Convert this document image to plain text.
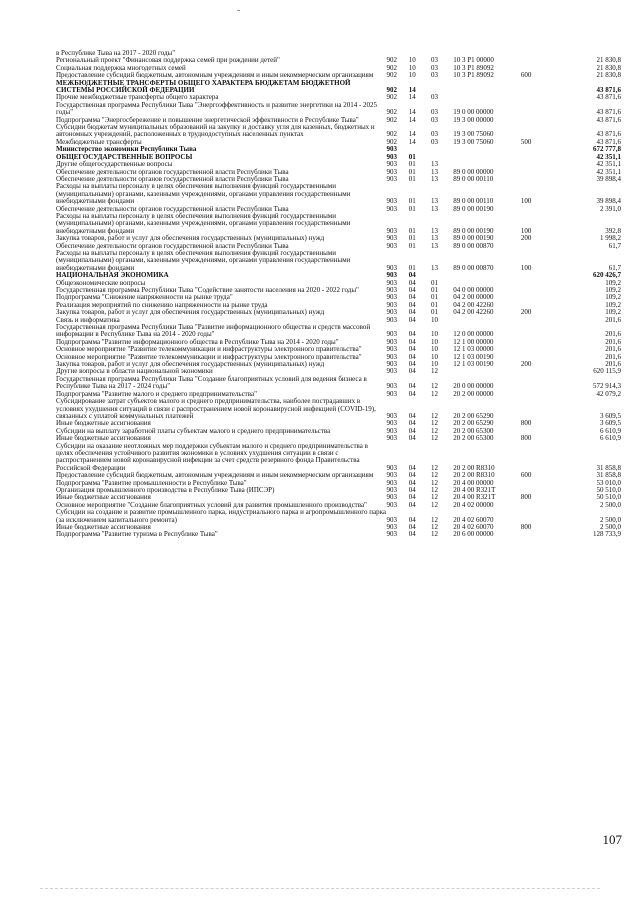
в Республике Тыва на 2017 - 2020 годы"						
Региональный проект "Финансовая поддержка семей при рождении детей"	902	10	03	10 3 P1 00000		21 830,8
Социальная поддержка многодетных семей	902	10	03	10 3 P1 89092		21 830,8
Предоставление субсидий бюджетным, автономным учреждениям и иным некоммерческим организациям	902	10	03	10 3 P1 89092	600	21 830,8
МЕЖБЮДЖЕТНЫЕ ТРАНСФЕРТЫ ОБЩЕГО ХАРАКТЕРА БЮДЖЕТАМ БЮДЖЕТНОЙ СИСТЕМЫ РОССИЙСКОЙ ФЕДЕРАЦИИ	902	14				43 871,6
Прочие межбюджетные трансферты общего характера	902	14	03			43 871,6
Государственная программа Республики Тыва "Энергоэффективность и развитие энергетики на 2014 - 2025 годы"	902	14	03	19 0 00 00000		43 871,6
Подпрограмма "Энергосбережение и повышение энергетической эффективности в Республике Тыва"	902	14	03	19 3 00 00000		43 871,6
Субсидии бюджетам муниципальных образований на закупку и доставку угля для казенных, бюджетных и автономных учреждений, расположенных в труднодоступных населенных пунктах	902	14	03	19 3 00 75060		43 871,6
Межбюджетные трансферты	902	14	03	19 3 00 75060	500	43 871,6
Министерство экономики Республики Тыва	903					672 777,8
ОБЩЕГОСУДАРСТВЕННЫЕ ВОПРОСЫ	903	01				42 351,1
Другие общегосударственные вопросы	903	01	13			42 351,1
Обеспечение деятельности органов государственной власти Республики Тыва	903	01	13	89 0 00 00000		42 351,1
Обеспечение деятельности органов государственной власти Республики Тыва	903	01	13	89 0 00 00110		39 898,4
Расходы на выплаты персоналу в целях обеспечения выполнения функций государственными (муниципальными) органами, казенными учреждениями, органами управления государственными внебюджетными фондами	903	01	13	89 0 00 00110	100	39 898,4
Обеспечение деятельности органов государственной власти Республики Тыва	903	01	13	89 0 00 00190		2 391,0
Расходы на выплаты персоналу в целях обеспечения выполнения функций государственными (муниципальными) органами, казенными учреждениями, органами управления государственными внебюджетными фондами	903	01	13	89 0 00 00190	100	392,8
Закупка товаров, работ и услуг для обеспечения государственных (муниципальных) нужд	903	01	13	89 0 00 00190	200	1 998,2
Обеспечение деятельности органов государственной власти Республики Тыва	903	01	13	89 0 00 00870		61,7
Расходы на выплаты персоналу в целях обеспечения выполнения функций государственными (муниципальными) органами, казенными учреждениями, органами управления государственными внебюджетными фондами	903	01	13	89 0 00 00870	100	61,7
НАЦИОНАЛЬНАЯ ЭКОНОМИКА	903	04				620 426,7
Общеэкономические вопросы	903	04	01			109,2
Государственная программа Республики Тыва "Содействие занятости населения на 2020 - 2022 годы"	903	04	01	04 0 00 00000		109,2
Подпрограмма "Снижение напряженности на рынке труда"	903	04	01	04 2 00 00000		109,2
Реализация мероприятий по снижению напряженности на рынке труда	903	04	01	04 2 00 42260		109,2
Закупка товаров, работ и услуг для обеспечения государственных (муниципальных) нужд	903	04	01	04 2 00 42260	200	109,2
Связь и информатика	903	04	10			201,6
Государственная программа Республики Тыва "Развитие информационного общества и средств массовой информации в Республике Тыва на 2014 - 2020 годы"	903	04	10	12 0 00 00000		201,6
Подпрограмма "Развитие информационного общества в Республике Тыва на 2014 - 2020 годы"	903	04	10	12 1 00 00000		201,6
Основное мероприятие "Развитие телекоммуникации и инфраструктуры электронного правительства"	903	04	10	12 1 03 00000		201,6
Основное мероприятие "Развитие телекоммуникации и инфраструктуры электронного правительства"	903	04	10	12 1 03 00190		201,6
Закупка товаров, работ и услуг для обеспечения государственных (муниципальных) нужд	903	04	10	12 1 03 00190	200	201,6
Другие вопросы в области национальной экономики	903	04	12			620 115,9
Государственная программа Республики Тыва "Создание благоприятных условий для ведения бизнеса в Республике Тыва на 2017 - 2024 годы"	903	04	12	20 0 00 00000		572 914,3
Подпрограмма "Развитие малого и среднего предпринимательства"	903	04	12	20 2 00 00000		42 079,2
Субсидирование затрат субъектов малого и среднего предпринимательства, наиболее пострадавших в условиях ухудшения ситуаций в связи с распространением новой коронавирусной инфекцией (COVID-19), связанных с уплатой коммунальных платежей	903	04	12	20 2 00 65290		3 609,5
Иные бюджетные ассигнования	903	04	12	20 2 00 65290	800	3 609,5
Субсидии на выплату заработной платы субъектам малого и среднего предпринимательства	903	04	12	20 2 00 65300		6 610,9
Иные бюджетные ассигнования	903	04	12	20 2 00 65300	800	6 610,9
Субсидии на оказание неотложных мер поддержки субъектам малого и среднего предпринимательства в целях обеспечения устойчивого развития экономики в условиях ухудшения ситуации в связи с распространением новой коронавирусной инфекции за счет средств резервного фонда Правительства Российской Федерации	903	04	12	20 2 00 R8310		31 858,8
Предоставление субсидий бюджетным, автономным учреждениям и иным некоммерческим организациям	903	04	12	20 2 00 R8310	600	31 858,8
Подпрограмма "Развитие промышленности в Республике Тыва"	903	04	12	20 4 00 00000		53 010,0
Организация промышленного производства в Республике Тыва (ИПСЭР)	903	04	12	20 4 00 R321T		50 510,0
Иные бюджетные ассигнования	903	04	12	20 4 00 R321T	800	50 510,0
Основное мероприятие "Создание благоприятных условий для развития промышленного производства"	903	04	12	20 4 02 00000		2 500,0
Субсидии на создание и развитие промышленного парка, индустриального парка и агропромышленного парка (за исключением капитального ремонта)	903	04	12	20 4 02 60070		2 500,0
Иные бюджетные ассигнования	903	04	12	20 4 02 60070	800	2 500,0
Подпрограмма "Развитие туризма в Республике Тыва"	903	04	12	20 6 00 00000		128 733,9
107
